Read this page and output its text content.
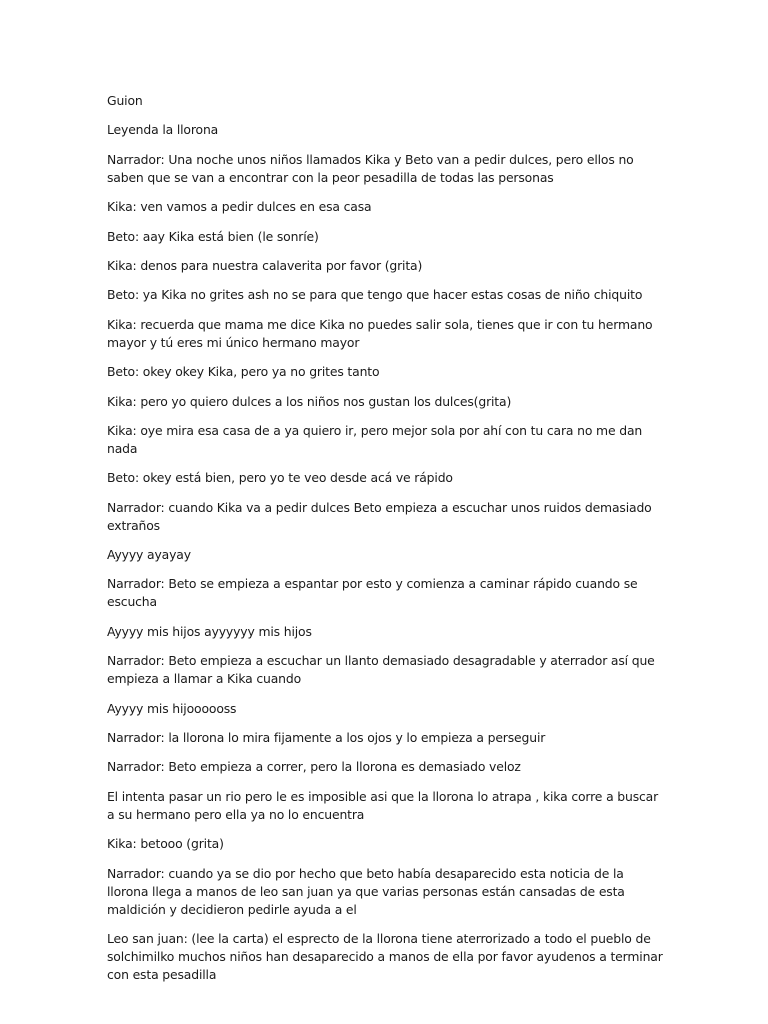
Guion

Leyenda la llorona

Narrador: Una noche unos niños llamados Kika y Beto van a pedir dulces, pero ellos no saben que se van a encontrar con la peor pesadilla de todas las personas

Kika: ven vamos a pedir dulces en esa casa

Beto: aay Kika está bien (le sonríe)

Kika: denos para nuestra calaverita por favor (grita)

Beto: ya Kika no grites ash no se para que tengo que hacer estas cosas de niño chiquito

Kika: recuerda que mama me dice Kika no puedes salir sola, tienes que ir con tu hermano mayor y tú eres mi único hermano mayor

Beto: okey okey Kika, pero ya no grites tanto

Kika: pero yo quiero dulces a los niños nos gustan los dulces(grita)

Kika: oye mira esa casa de a ya quiero ir, pero mejor sola por ahí con tu cara no me dan nada

Beto: okey está bien, pero yo te veo desde acá ve rápido

Narrador: cuando Kika va a pedir dulces Beto empieza a escuchar unos ruidos demasiado extraños

Ayyyy ayayay

Narrador: Beto se empieza a espantar por esto y comienza a caminar rápido cuando se escucha

Ayyyy mis hijos ayyyyyy mis hijos

Narrador: Beto empieza a escuchar un llanto demasiado desagradable y aterrador así que empieza a llamar a Kika cuando

Ayyyy mis hijoooooss

Narrador: la llorona lo mira fijamente a los ojos y lo empieza a perseguir

Narrador: Beto empieza a correr, pero la llorona es demasiado veloz

El intenta pasar un rio pero le es imposible asi que la llorona lo atrapa , kika corre a buscar a su hermano pero ella ya no lo encuentra

Kika: betooo (grita)

Narrador: cuando ya se dio por hecho que beto había desaparecido esta noticia de la llorona llega a manos de leo san juan ya que varias personas están cansadas de esta maldición y decidieron pedirle ayuda a el

Leo san juan: (lee la carta) el esprecto de la llorona tiene aterrorizado a todo el pueblo de solchimilko muchos niños han desaparecido a manos de ella por favor ayudenos a terminar con esta pesadilla
